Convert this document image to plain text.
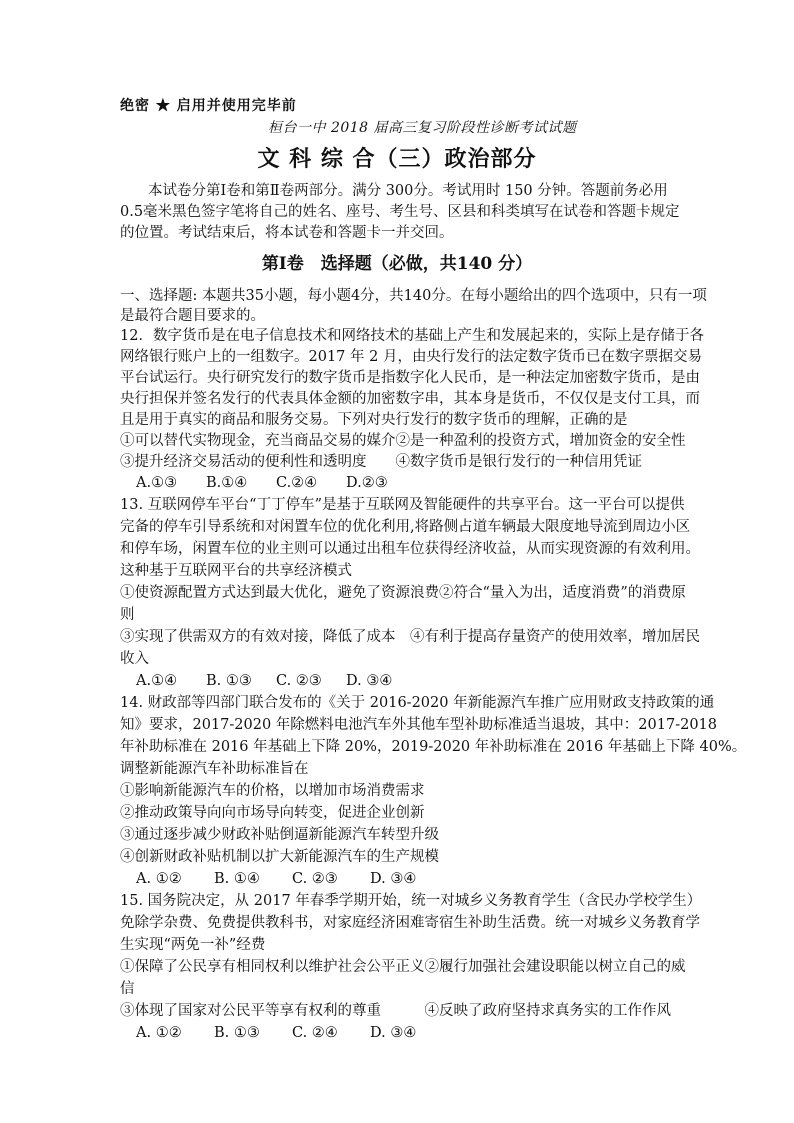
绝密 ★ 启用并使用完毕前
桓台一中 2018 届高三复习阶段性诊断考试试题
文 科 综 合（三）政治部分
本试卷分第Ⅰ卷和第Ⅱ卷两部分。满分 300分。考试用时 150 分钟。答题前务必用0.5毫米黑色签字笔将自己的姓名、座号、考生号、区县和科类填写在试卷和答题卡规定的位置。考试结束后，将本试卷和答题卡一并交回。
第Ⅰ卷　选择题（必做，共140 分）
一、选择题: 本题共35小题，每小题4分，共140分。在每小题给出的四个选项中，只有一项
是最符合题目要求的。
12．数字货币是在电子信息技术和网络技术的基础上产生和发展起来的，实际上是存储于各
网络银行账户上的一组数字。2017 年 2 月，由央行发行的法定数字货币已在数字票据交易
平台试运行。央行研究发行的数字货币是指数字化人民币，是一种法定加密数字货币，是由
央行担保并签名发行的代表具体金额的加密数字串，其本身是货币，不仅仅是支付工具，而
且是用于真实的商品和服务交易。下列对央行发行的数字货币的理解，正确的是
①可以替代实物现金，充当商品交易的媒介②是一种盈利的投资方式，增加资金的安全性
③提升经济交易活动的便利性和透明度　　④数字货币是银行发行的一种信用凭证
A.①③ B.①④ C.②④ D.②③
13. 互联网停车平台“丁丁停车”是基于互联网及智能硬件的共享平台。这一平台可以提供
完备的停车引导系统和对闲置车位的优化利用,将路侧占道车辆最大限度地导流到周边小区
和停车场，闲置车位的业主则可以通过出租车位获得经济收益，从而实现资源的有效利用。
这种基于互联网平台的共享经济模式
①使资源配置方式达到最大优化，避免了资源浪费②符合“量入为出，适度消费”的消费原
则
③实现了供需双方的有效对接，降低了成本　④有利于提高存量资产的使用效率，增加居民
收入
A.①④ B. ①③ C. ②③ D. ③④
14. 财政部等四部门联合发布的《关于 2016-2020 年新能源汽车推广应用财政支持政策的通
知》要求，2017-2020 年除燃料电池汽车外其他车型补助标准适当退坡，其中：2017-2018
年补助标准在 2016 年基础上下降 20%，2019-2020 年补助标准在 2016 年基础上下降 40%。
调整新能源汽车补助标准旨在
①影响新能源汽车的价格，以增加市场消费需求
②推动政策导向向市场导向转变，促进企业创新
③通过逐步减少财政补贴倒逼新能源汽车转型升级
④创新财政补贴机制以扩大新能源汽车的生产规模
A. ①② B. ①④ C. ②③ D. ③④
15. 国务院决定，从 2017 年春季学期开始，统一对城乡义务教育学生（含民办学校学生）
免除学杂费、免费提供教科书，对家庭经济困难寄宿生补助生活费。统一对城乡义务教育学
生实现“两免一补”经费
①保障了公民享有相同权利以维护社会公平正义②履行加强社会建设职能以树立自己的威
信
③体现了国家对公民平等享有权利的尊重　　　④反映了政府坚持求真务实的工作作风
A. ①② B. ①③ C. ②④ D. ③④
